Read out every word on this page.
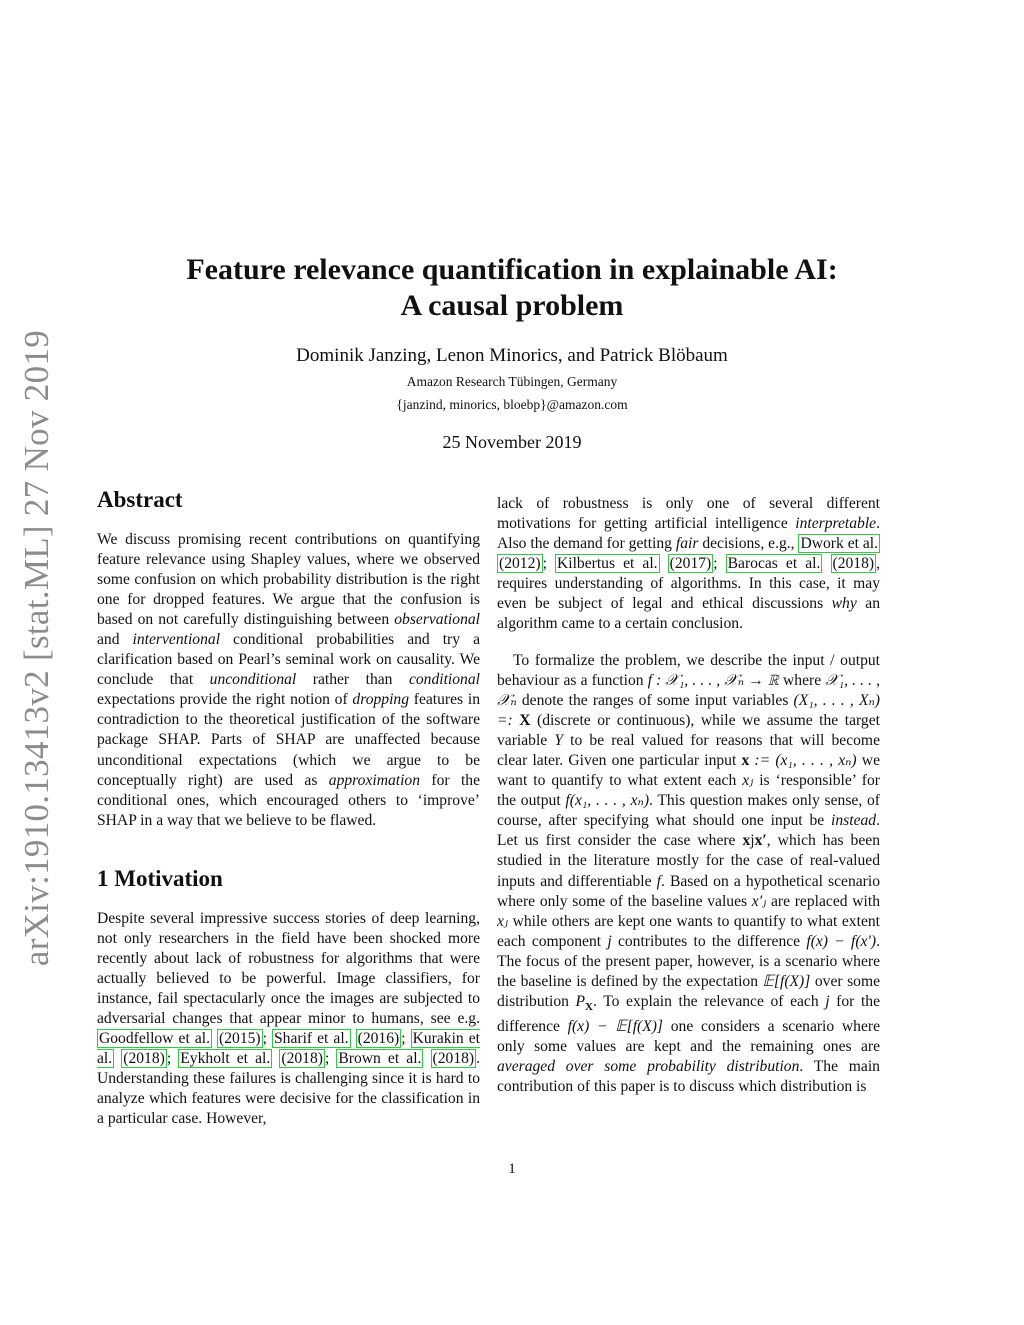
arXiv:1910.13413v2 [stat.ML] 27 Nov 2019
Feature relevance quantification in explainable AI:
A causal problem
Dominik Janzing, Lenon Minorics, and Patrick Blöbaum
Amazon Research Tübingen, Germany
{janzind, minorics, bloebp}@amazon.com
25 November 2019
Abstract

We discuss promising recent contributions on quantifying feature relevance using Shapley values, where we observed some confusion on which probability distribution is the right one for dropped features. We argue that the confusion is based on not carefully distinguishing between observational and interventional conditional probabilities and try a clarification based on Pearl’s seminal work on causality. We conclude that unconditional rather than conditional expectations provide the right notion of dropping features in contradiction to the theoretical justification of the software package SHAP. Parts of SHAP are unaffected because unconditional expectations (which we argue to be conceptually right) are used as approximation for the conditional ones, which encouraged others to ‘improve’ SHAP in a way that we believe to be flawed.

1 Motivation

Despite several impressive success stories of deep learning, not only researchers in the field have been shocked more recently about lack of robustness for algorithms that were actually believed to be powerful. Image classifiers, for instance, fail spectacularly once the images are subjected to adversarial changes that appear minor to humans, see e.g. Goodfellow et al. (2015) ; Sharif et al. (2016) ; Kurakin et al. (2018) ; Eykholt et al. (2018) ; Brown et al. (2018) . Understanding these failures is challenging since it is hard to analyze which features were decisive for the classification in a particular case. However,

lack of robustness is only one of several different motivations for getting artificial intelligence interpretable. Also the demand for getting fair decisions, e.g., Dwork et al. (2012) ; Kilbertus et al. (2017) ; Barocas et al. (2018) , requires understanding of algorithms. In this case, it may even be subject of legal and ethical discussions why an algorithm came to a certain conclusion.

To formalize the problem, we describe the input / output behaviour as a function f : 𝒳₁, . . . , 𝒳ₙ → ℝ where 𝒳₁, . . . , 𝒳ₙ denote the ranges of some input variables (X₁, . . . , Xₙ) =: X (discrete or continuous), while we assume the target variable Y to be real valued for reasons that will become clear later. Given one particular input x := (x₁, . . . , xₙ) we want to quantify to what extent each xⱼ is ‘responsible’ for the output f(x₁, . . . , xₙ). This question makes only sense, of course, after specifying what should one input be instead. Let us first consider the case where xjx′, which has been studied in the literature mostly for the case of real-valued inputs and differentiable f. Based on a hypothetical scenario where only some of the baseline values x′ⱼ are replaced with xⱼ while others are kept one wants to quantify to what extent each component j contributes to the difference f(x) − f(x′). The focus of the present paper, however, is a scenario where the baseline is defined by the expectation 𝔼[f(X)] over some distribution $P_X$. To explain the relevance of each j for the difference f(x) − 𝔼[f(X)] one considers a scenario where only some values are kept and the remaining ones are averaged over some probability distribution. The main contribution of this paper is to discuss which distribution is

1
